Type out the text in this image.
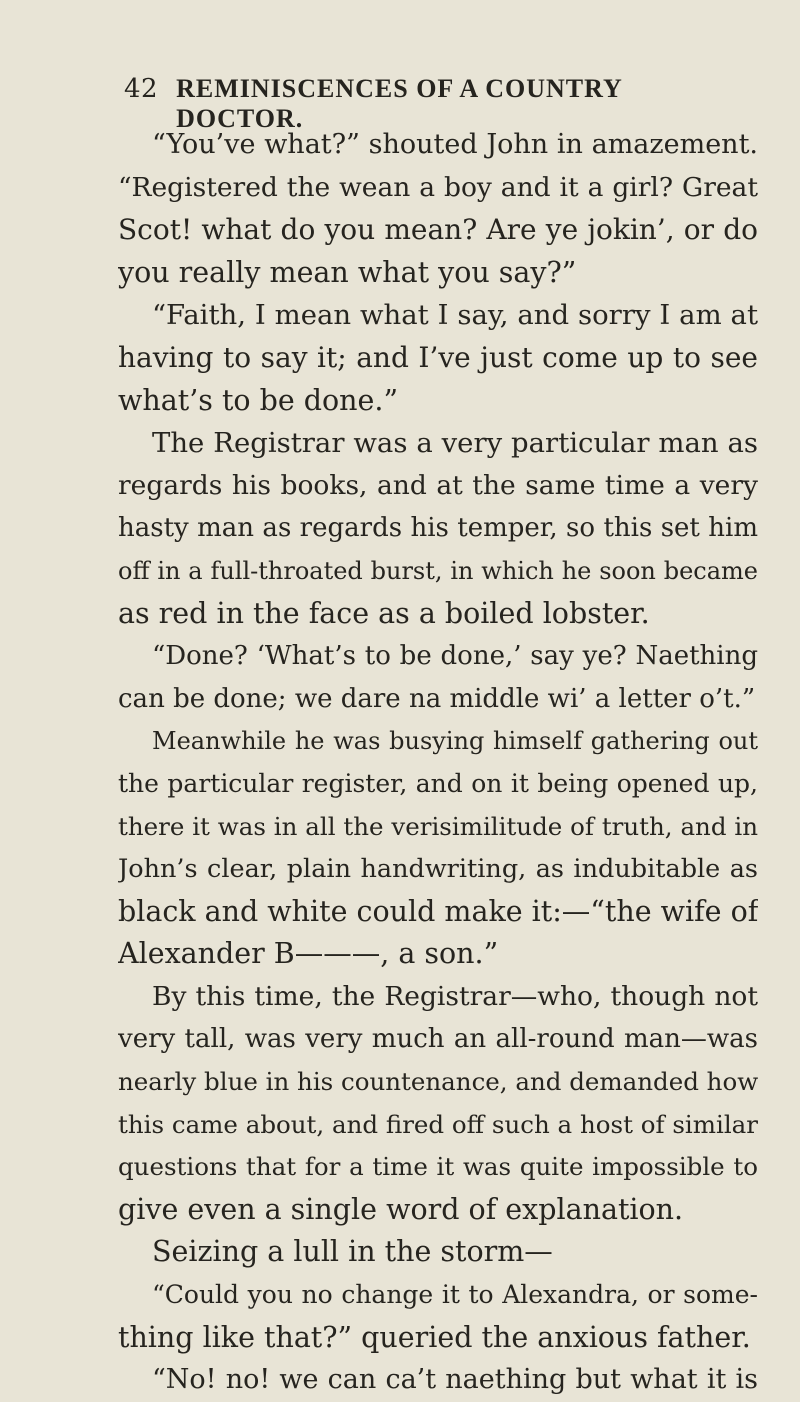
42 REMINISCENCES OF A COUNTRY DOCTOR.
“You’ve what?” shouted John in amazement.
“Registered the wean a boy and it a girl? Great
Scot! what do you mean? Are ye jokin’, or do
you really mean what you say?”
“Faith, I mean what I say, and sorry I am at
having to say it; and I’ve just come up to see
what’s to be done.”
The Registrar was a very particular man as
regards his books, and at the same time a very
hasty man as regards his temper, so this set him
off in a full-throated burst, in which he soon became
as red in the face as a boiled lobster.
“Done? ‘What’s to be done,’ say ye? Naething
can be done; we dare na middle wi’ a letter o’t.”
Meanwhile he was busying himself gathering out
the particular register, and on it being opened up,
there it was in all the verisimilitude of truth, and in
John’s clear, plain handwriting, as indubitable as
black and white could make it:—“the wife of
Alexander B———, a son.”
By this time, the Registrar—who, though not
very tall, was very much an all-round man—was
nearly blue in his countenance, and demanded how
this came about, and fired off such a host of similar
questions that for a time it was quite impossible to
give even a single word of explanation.
Seizing a lull in the storm—
“Could you no change it to Alexandra, or some-
thing like that?” queried the anxious father.
“No! no! we can ca’t naething but what it is
